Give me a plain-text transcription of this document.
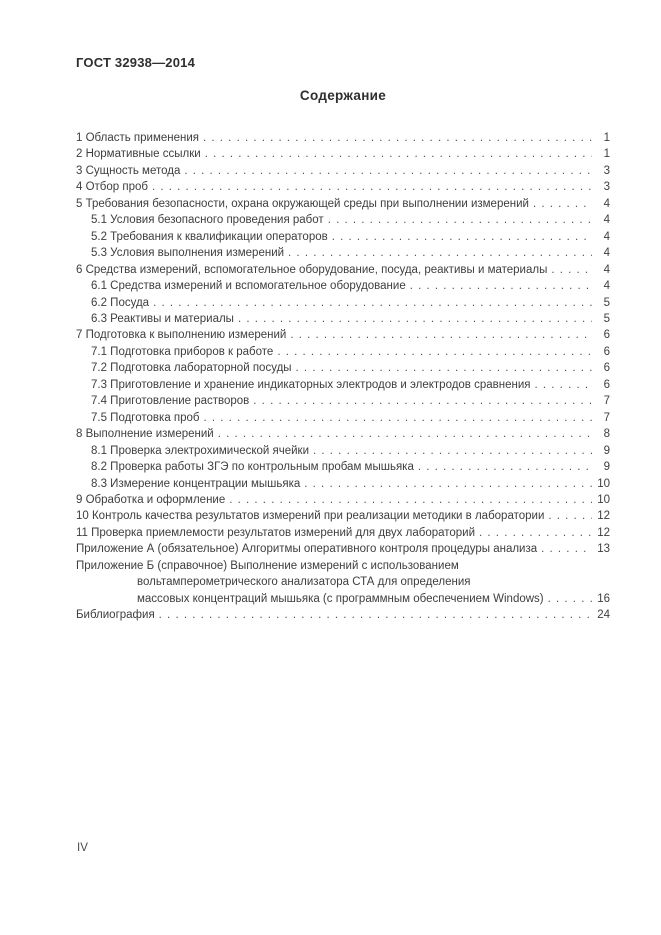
ГОСТ 32938—2014
Содержание
1 Область применения . . .	1
2 Нормативные ссылки . . .	1
3 Сущность метода . . .	3
4 Отбор проб . . .	3
5 Требования безопасности, охрана окружающей среды при выполнении измерений . . .	4
5.1 Условия безопасного проведения работ . . .	4
5.2 Требования к квалификации операторов . . .	4
5.3 Условия выполнения измерений . . .	4
6 Средства измерений, вспомогательное оборудование, посуда, реактивы и материалы . . .	4
6.1 Средства измерений и вспомогательное оборудование . . .	4
6.2 Посуда . . .	5
6.3 Реактивы и материалы . . .	5
7 Подготовка к выполнению измерений . . .	6
7.1 Подготовка приборов к работе . . .	6
7.2 Подготовка лабораторной посуды . . .	6
7.3 Приготовление и хранение индикаторных электродов и электродов сравнения . . .	6
7.4 Приготовление растворов . . .	7
7.5 Подготовка проб . . .	7
8 Выполнение измерений . . .	8
8.1 Проверка электрохимической ячейки . . .	9
8.2 Проверка работы ЗГЭ по контрольным пробам мышьяка . . .	9
8.3 Измерение концентрации мышьяка . . .	10
9 Обработка и оформление . . .	10
10 Контроль качества результатов измерений при реализации методики в лаборатории . . .	12
11 Проверка приемлемости результатов измерений для двух лабораторий . . .	12
Приложение А (обязательное) Алгоритмы оперативного контроля процедуры анализа . . .	13
Приложение Б (справочное) Выполнение измерений с использованием
вольтамперометрического анализатора СТА для определения
массовых концентраций мышьяка (с программным обеспечением Windows) . . .	16
Библиография . . .	24
IV
